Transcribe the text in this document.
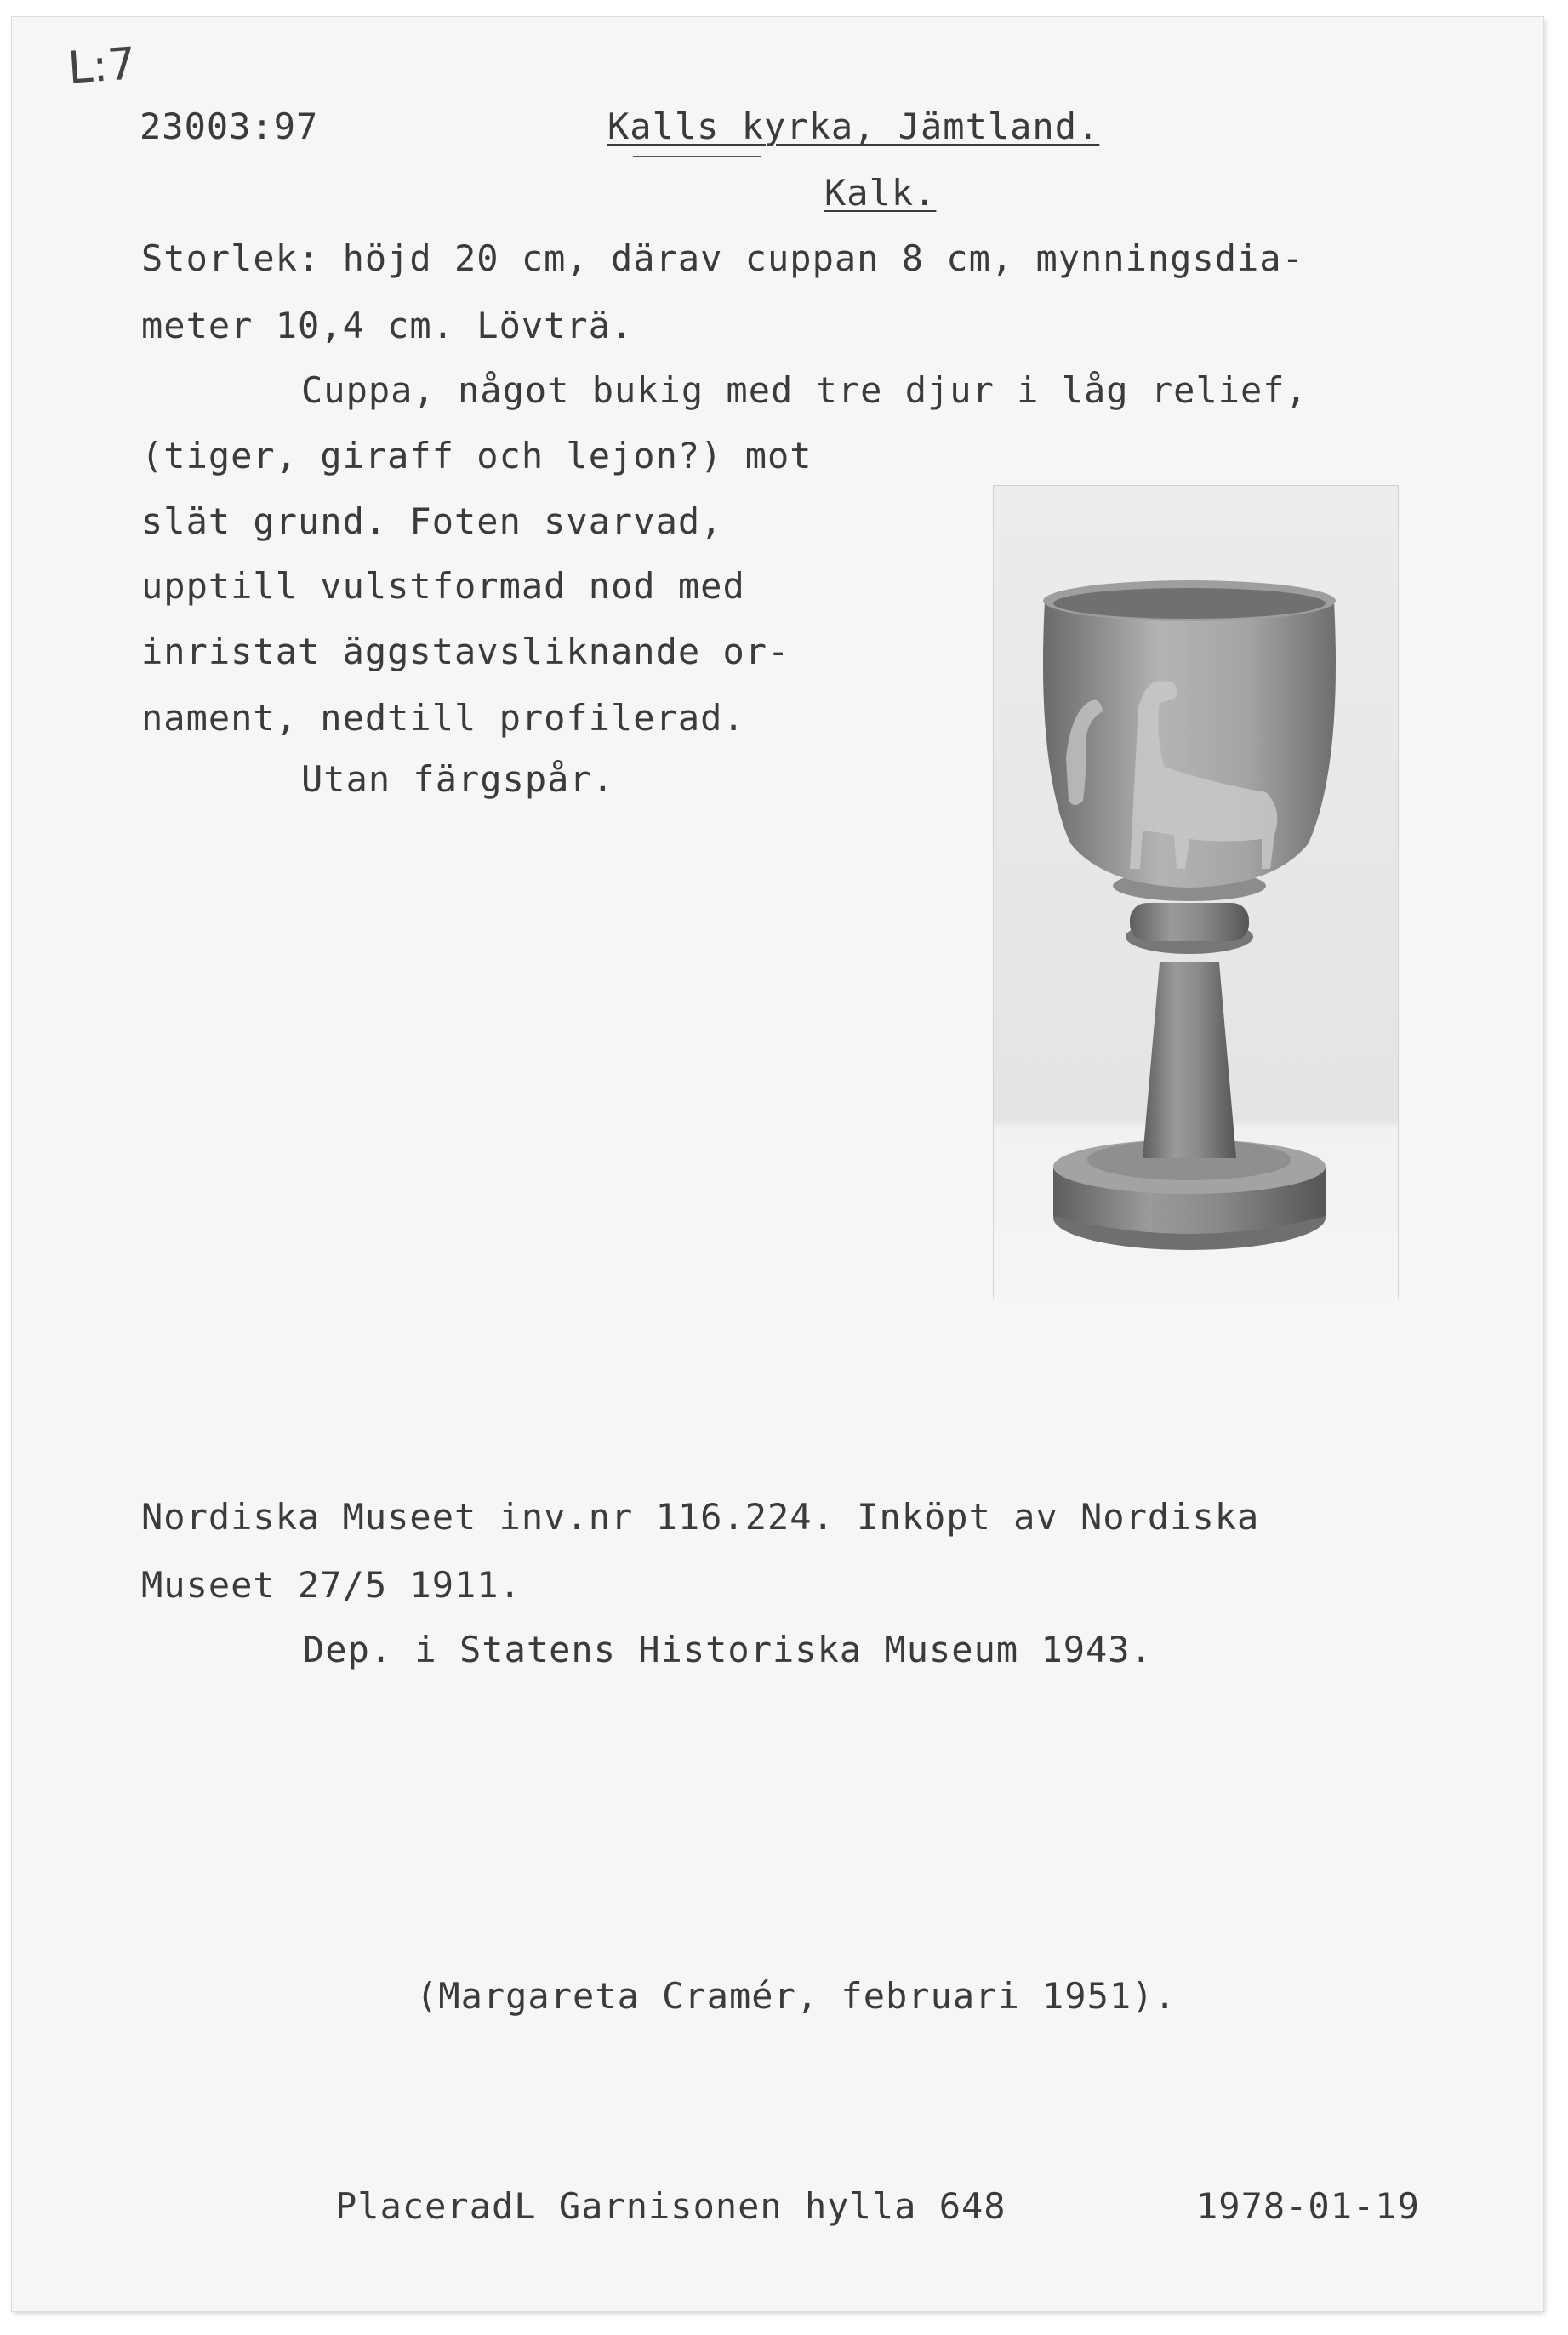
L:7
23003:97	Kalls kyrka, Jämtland.
Kalk.
Storlek: höjd 20 cm, därav cuppan 8 cm, mynningsdia-
meter 10,4 cm. Lövträ.
Cuppa, något bukig med tre djur i låg relief,
(tiger, giraff och lejon?) mot
slät grund. Foten svarvad,
upptill vulstformad nod med
inristat äggstavsliknande or-
nament, nedtill profilerad.
Utan färgspår.
Nordiska Museet inv.nr 116.224. Inköpt av Nordiska
Museet 27/5 1911.
Dep. i Statens Historiska Museum 1943.
(Margareta Cramér, februari 1951).
PlaceradL Garnisonen hylla 648	1978-01-19
